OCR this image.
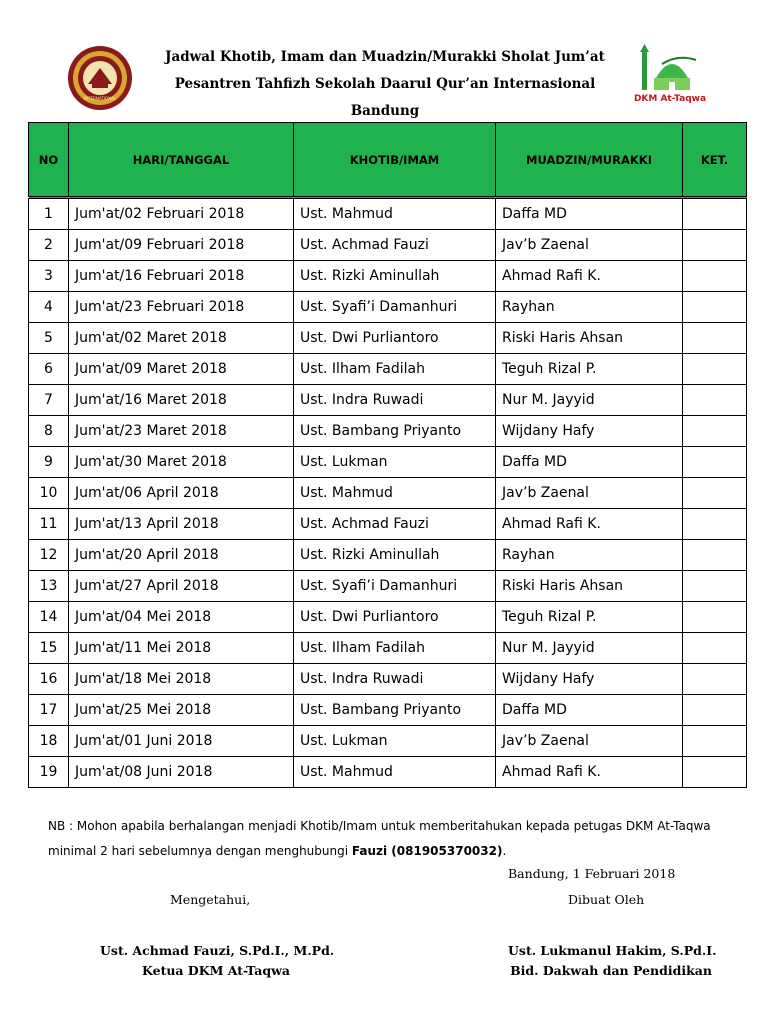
INTERNATIONAL
Jadwal Khotib, Imam dan Muadzin/Murakki Sholat Jum’at
Pesantren Tahfizh Sekolah Daarul Qur’an Internasional Bandung
DKM At-Taqwa
NO	HARI/TANGGAL	KHOTIB/IMAM	MUADZIN/MURAKKI	KET.
1	Jum'at/02 Februari 2018	Ust. Mahmud	Daffa MD	
2	Jum'at/09 Februari 2018	Ust. Achmad Fauzi	Jav’b Zaenal	
3	Jum'at/16 Februari 2018	Ust. Rizki Aminullah	Ahmad Rafi K.	
4	Jum'at/23 Februari 2018	Ust. Syafi’i Damanhuri	Rayhan	
5	Jum'at/02 Maret 2018	Ust. Dwi Purliantoro	Riski Haris Ahsan	
6	Jum'at/09 Maret 2018	Ust. Ilham Fadilah	Teguh Rizal P.	
7	Jum'at/16 Maret 2018	Ust. Indra Ruwadi	Nur M. Jayyid	
8	Jum'at/23 Maret 2018	Ust. Bambang Priyanto	Wijdany Hafy	
9	Jum'at/30 Maret 2018	Ust. Lukman	Daffa MD	
10	Jum'at/06 April 2018	Ust. Mahmud	Jav’b Zaenal	
11	Jum'at/13 April 2018	Ust. Achmad Fauzi	Ahmad Rafi K.	
12	Jum'at/20 April 2018	Ust. Rizki Aminullah	Rayhan	
13	Jum'at/27 April 2018	Ust. Syafi’i Damanhuri	Riski Haris Ahsan	
14	Jum'at/04 Mei 2018	Ust. Dwi Purliantoro	Teguh Rizal P.	
15	Jum'at/11 Mei 2018	Ust. Ilham Fadilah	Nur M. Jayyid	
16	Jum'at/18 Mei 2018	Ust. Indra Ruwadi	Wijdany Hafy	
17	Jum'at/25 Mei 2018	Ust. Bambang Priyanto	Daffa MD	
18	Jum'at/01 Juni 2018	Ust. Lukman	Jav’b Zaenal	
19	Jum'at/08 Juni 2018	Ust. Mahmud	Ahmad Rafi K.	
NB : Mohon apabila berhalangan menjadi Khotib/Imam untuk memberitahukan kepada petugas DKM At-Taqwa minimal 2 hari sebelumnya dengan menghubungi Fauzi (081905370032).
Bandung, 1 Februari 2018
Mengetahui,	Dibuat Oleh
Ust. Achmad Fauzi, S.Pd.I., M.Pd.
Ketua DKM At-Taqwa
Ust. Lukmanul Hakim, S.Pd.I.
Bid. Dakwah dan Pendidikan
